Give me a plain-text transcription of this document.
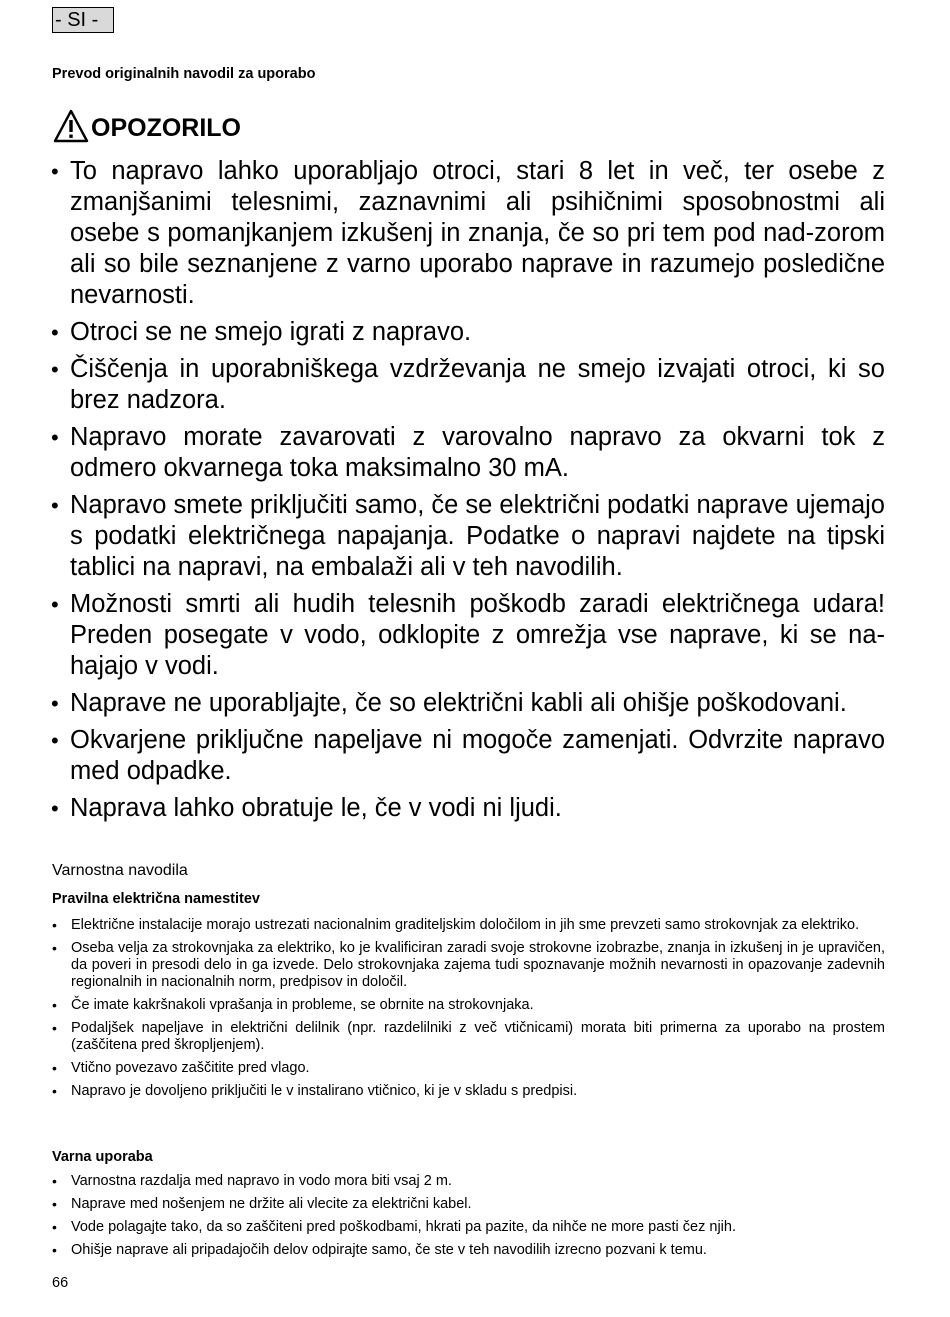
- SI -
Prevod originalnih navodil za uporabo
OPOZORILO
• To napravo lahko uporabljajo otroci, stari 8 let in več, ter osebe z zmanjšanimi telesnimi, zaznavnimi ali psihičnimi sposobnostmi ali osebe s pomanjkanjem izkušenj in znanja, če so pri tem pod nad-zorom ali so bile seznanjene z varno uporabo naprave in razumejo posledične nevarnosti.
• Otroci se ne smejo igrati z napravo.
• Čiščenja in uporabniškega vzdrževanja ne smejo izvajati otroci, ki so brez nadzora.
• Napravo morate zavarovati z varovalno napravo za okvarni tok z odmero okvarnega toka maksimalno 30 mA.
• Napravo smete priključiti samo, če se električni podatki naprave ujemajo s podatki električnega napajanja. Podatke o napravi najdete na tipski tablici na napravi, na embalaži ali v teh navodilih.
• Možnosti smrti ali hudih telesnih poškodb zaradi električnega udara! Preden posegate v vodo, odklopite z omrežja vse naprave, ki se na-hajajo v vodi.
• Naprave ne uporabljajte, če so električni kabli ali ohišje poškodovani.
• Okvarjene priključne napeljave ni mogoče zamenjati. Odvrzite napravo med odpadke.
• Naprava lahko obratuje le, če v vodi ni ljudi.
Varnostna navodila
Pravilna električna namestitev
• Električne instalacije morajo ustrezati nacionalnim graditeljskim določilom in jih sme prevzeti samo strokovnjak za elektriko.
• Oseba velja za strokovnjaka za elektriko, ko je kvalificiran zaradi svoje strokovne izobrazbe, znanja in izkušenj in je upravičen, da poveri in presodi delo in ga izvede. Delo strokovnjaka zajema tudi spoznavanje možnih nevarnosti in opazovanje zadevnih regionalnih in nacionalnih norm, predpisov in določil.
• Če imate kakršnakoli vprašanja in probleme, se obrnite na strokovnjaka.
• Podaljšek napeljave in električni delilnik (npr. razdelilniki z več vtičnicami) morata biti primerna za uporabo na prostem (zaščitena pred škropljenjem).
• Vtično povezavo zaščitite pred vlago.
• Napravo je dovoljeno priključiti le v instalirano vtičnico, ki je v skladu s predpisi.
Varna uporaba
• Varnostna razdalja med napravo in vodo mora biti vsaj 2 m.
• Naprave med nošenjem ne držite ali vlecite za električni kabel.
• Vode polagajte tako, da so zaščiteni pred poškodbami, hkrati pa pazite, da nihče ne more pasti čez njih.
• Ohišje naprave ali pripadajočih delov odpirajte samo, če ste v teh navodilih izrecno pozvani k temu.
66
